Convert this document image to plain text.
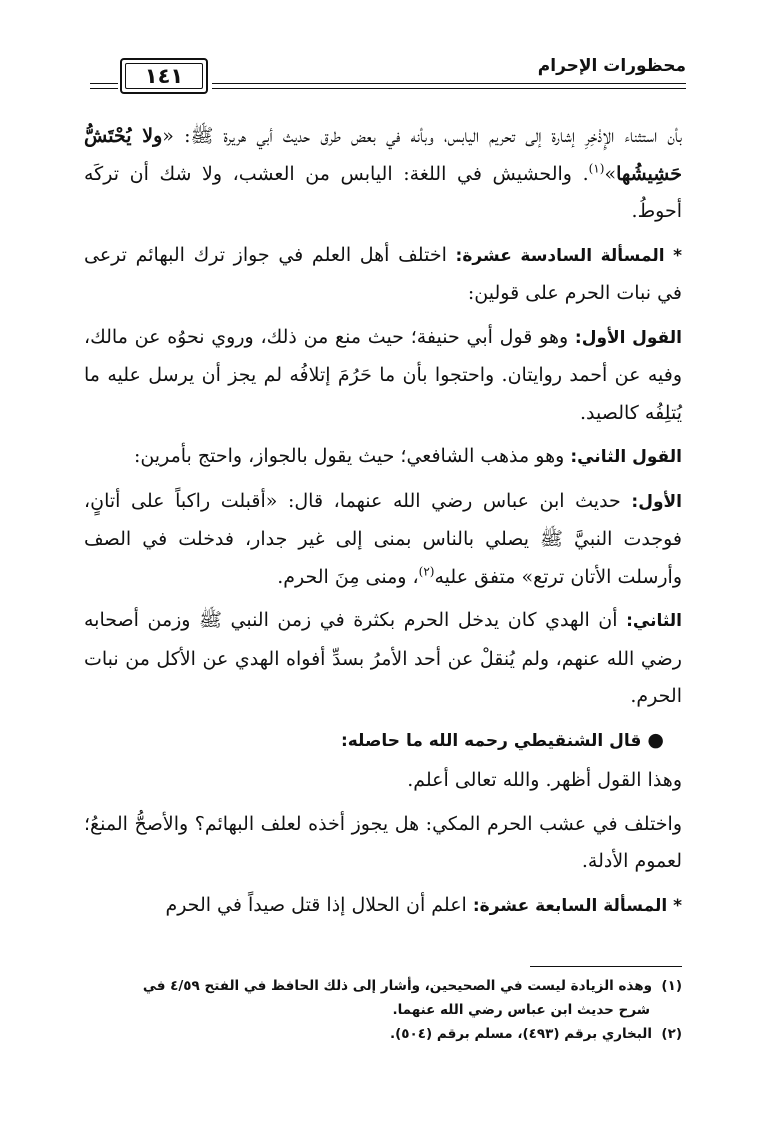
١٤١	محظورات الإحرام

بأن استثناء الإِذْخِرِ إشارة إلى تحريم اليابس، وبأنه في بعض طرق حديث أبي هريرة ﷺ: «ولا يُحْتَشُّ حَشِيشُها»$^{(١)}$. والحشيش في اللغة: اليابس من العشب، ولا شك أن تركَه أحوطُ.

* المسألة السادسة عشرة: اختلف أهل العلم في جواز ترك البهائم ترعى في نبات الحرم على قولين:

القول الأول: وهو قول أبي حنيفة؛ حيث منع من ذلك، وروي نحوُه عن مالك، وفيه عن أحمد روايتان. واحتجوا بأن ما حَرُمَ إتلافُه لم يجز أن يرسل عليه ما يُتلِفُه كالصيد.

القول الثاني: وهو مذهب الشافعي؛ حيث يقول بالجواز، واحتج بأمرين:

الأول: حديث ابن عباس رضي الله عنهما، قال: «أقبلت راكباً على أتانٍ، فوجدت النبيَّ ﷺ يصلي بالناس بمنى إلى غير جدار، فدخلت في الصف وأرسلت الأتان ترتع» متفق عليه$^{(٢)}$، ومنى مِنَ الحرم.

الثاني: أن الهدي كان يدخل الحرم بكثرة في زمن النبي ﷺ وزمن أصحابه رضي الله عنهم، ولم يُنقلْ عن أحد الأمرُ بسدِّ أفواه الهدي عن الأكل من نبات الحرم.

●قال الشنقيطي رحمه الله ما حاصله:

وهذا القول أظهر. والله تعالى أعلم.

واختلف في عشب الحرم المكي: هل يجوز أخذه لعلف البهائم؟ والأصحُّ المنعُ؛ لعموم الأدلة.

* المسألة السابعة عشرة: اعلم أن الحلال إذا قتل صيداً في الحرم

(١)وهذه الزيادة ليست في الصحيحين، وأشار إلى ذلك الحافظ في الفتح ٤/٥٩ في

شرح حديث ابن عباس رضي الله عنهما.

(٢)البخاري برقم (٤٩٣)، مسلم برقم (٥٠٤).
